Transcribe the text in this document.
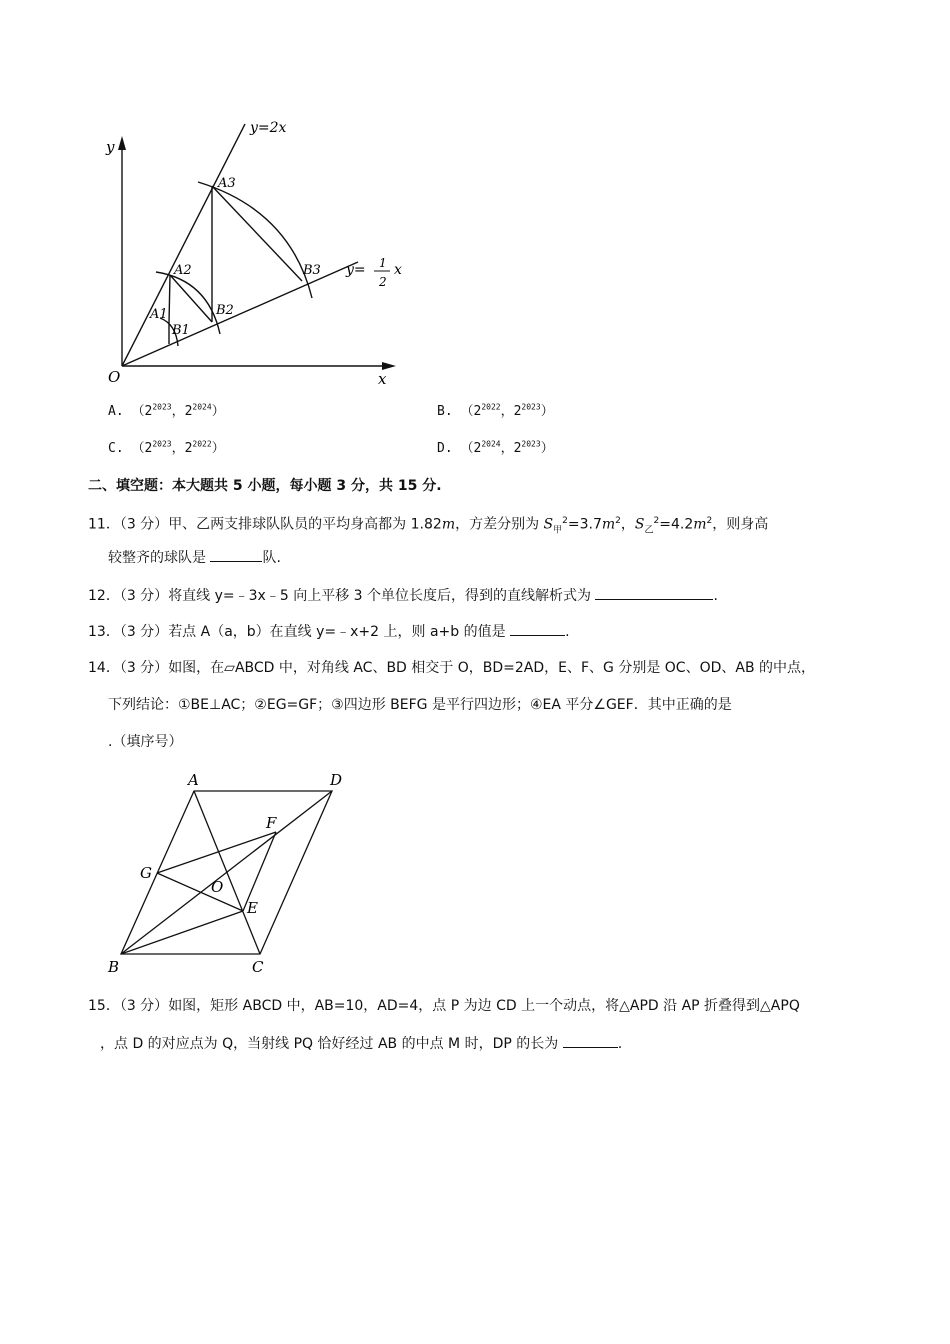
y
x
O
y=2x
y= 1
2
x
A1
A2
A3
B1
B2
B3
A. （$2^{2023}$，$2^{2024}$）	B. （$2^{2022}$，$2^{2023}$）
C. （$2^{2023}$，$2^{2022}$）	D. （$2^{2024}$，$2^{2023}$）
二、填空题：本大题共 5 小题，每小题 3 分，共 15 分.
11．（3 分）甲、乙两支排球队队员的平均身高都为 1.82m，方差分别为 $S_甲^2=3.7m^2$，$S_乙^2=4.2m^2$，则身高
较整齐的球队是	队.
12．（3 分）将直线 y=﹣3x﹣5 向上平移 3 个单位长度后，得到的直线解析式为	.
13．（3 分）若点 A（a，b）在直线 y=﹣x+2 上，则 a+b 的值是	.
14．（3 分）如图，在▱ABCD 中，对角线 AC、BD 相交于 O，BD=2AD，E、F、G 分别是 OC、OD、AB 的中点，
下列结论：①BE⊥AC；②EG=GF；③四边形 BEFG 是平行四边形；④EA 平分∠GEF．其中正确的是
.（填序号）
A	D
F
G
O
E
B	C
15．（3 分）如图，矩形 ABCD 中，AB=10，AD=4，点 P 为边 CD 上一个动点，将△APD 沿 AP 折叠得到△APQ
，点 D 的对应点为 Q，当射线 PQ 恰好经过 AB 的中点 M 时，DP 的长为	.
